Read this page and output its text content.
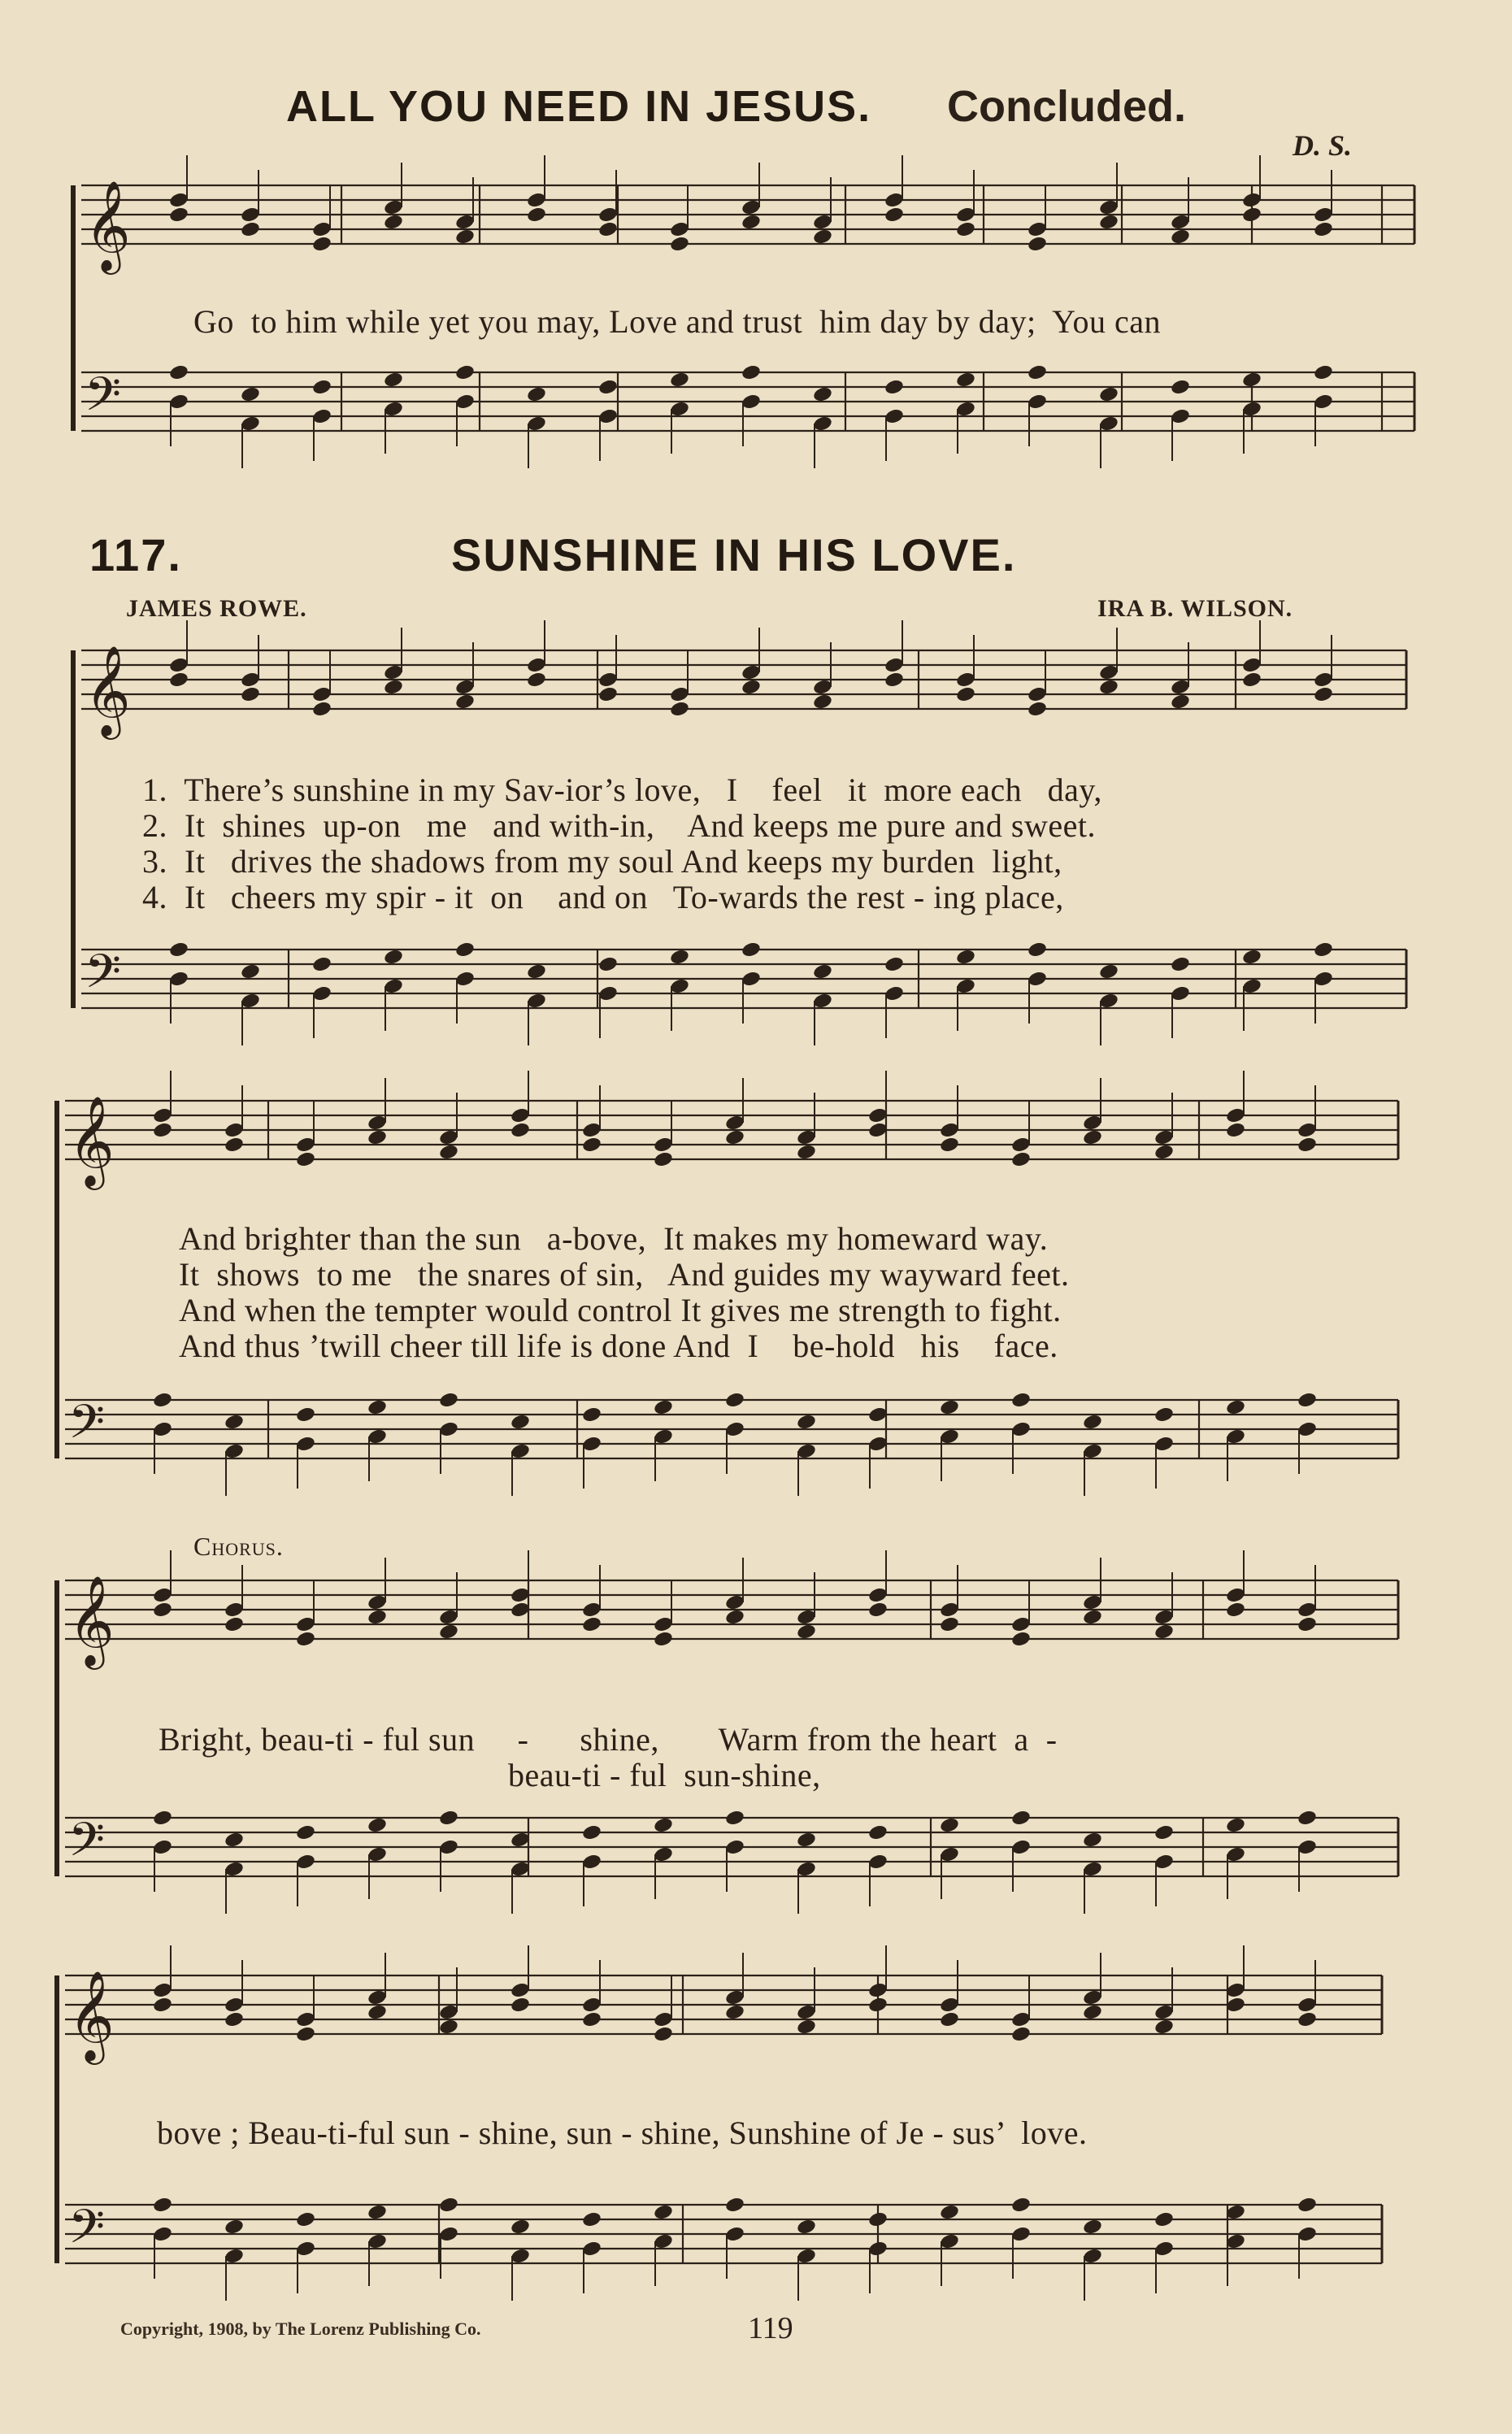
𝄞
𝄢
𝄞
𝄢
𝄞
𝄢
𝄞
𝄢
𝄞
𝄢
ALL YOU NEED IN JESUS. Concluded.
D. S.
Go  to him while yet you may, Love and trust  him day by day;  You can
117.	SUNSHINE IN HIS LOVE.
JAMES ROWE.	IRA B. WILSON.
1.  There’s sunshine in my Sav-ior’s love,   I    feel   it  more each   day,
2.  It  shines  up-on   me   and with-in,    And keeps me pure and sweet.
3.  It   drives the shadows from my soul And keeps my burden  light,
4.  It   cheers my spir - it  on    and on   To-wards the rest - ing place,
And brighter than the sun   a-bove,  It makes my homeward way.
It  shows  to me   the snares of sin,   And guides my wayward feet.
And when the tempter would control It gives me strength to fight.
And thus ’twill cheer till life is done And  I    be-hold   his    face.
Chorus.
Bright, beau-ti - ful sun     -      shine,       Warm from the heart  a  -
beau-ti - ful  sun-shine,
bove ; Beau-ti-ful sun - shine, sun - shine, Sunshine of Je - sus’  love.
Copyright, 1908, by The Lorenz Publishing Co.	119
